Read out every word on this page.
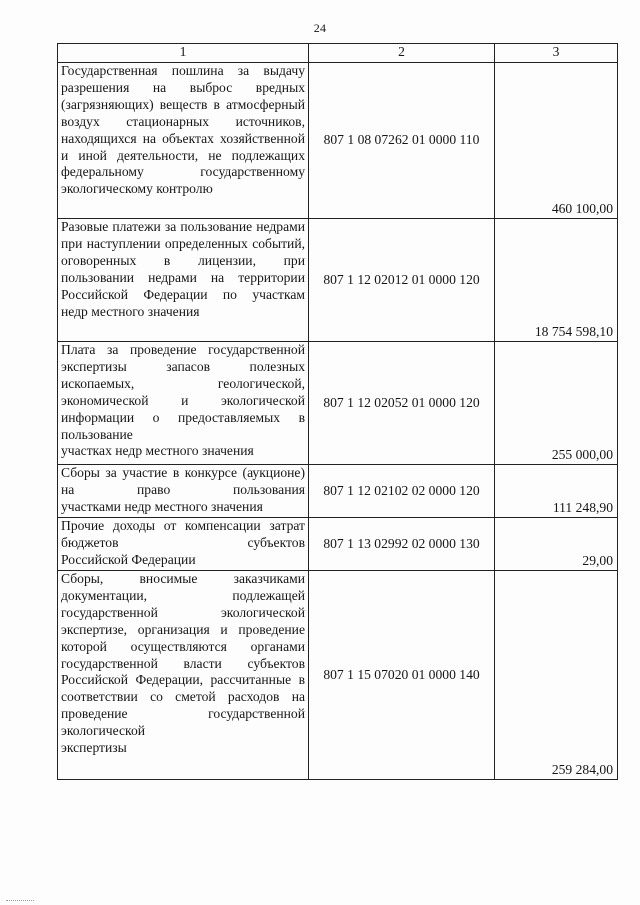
24
1	2	3
Государственная пошлина за выдачу разрешения на выброс вредных (загрязняющих) веществ в атмосферный воздух стационарных источников, находящихся на объектах хозяйственной и иной деятельности, не подлежащих федеральному государственному
экологическому контролю	807 1 08 07262 01 0000 110	460 100,00
Разовые платежи за пользование недрами при наступлении определенных событий, оговоренных в лицензии, при пользовании недрами на территории Российской Федерации по участкам
недр местного значения	807 1 12 02012 01 0000 120	18 754 598,10
Плата за проведение государственной экспертизы запасов полезных ископаемых, геологической, экономической и экологической информации о предоставляемых в пользование
участках недр местного значения	807 1 12 02052 01 0000 120	255 000,00
Сборы за участие в конкурсе (аукционе) на право пользования
участками недр местного значения	807 1 12 02102 02 0000 120	111 248,90
Прочие доходы от компенсации затрат бюджетов субъектов
Российской Федерации	807 1 13 02992 02 0000 130	29,00
Сборы, вносимые заказчиками документации, подлежащей государственной экологической экспертизе, организация и проведение которой осуществляются органами государственной власти субъектов Российской Федерации, рассчитанные в соответствии со сметой расходов на проведение государственной экологической
экспертизы	807 1 15 07020 01 0000 140	259 284,00
